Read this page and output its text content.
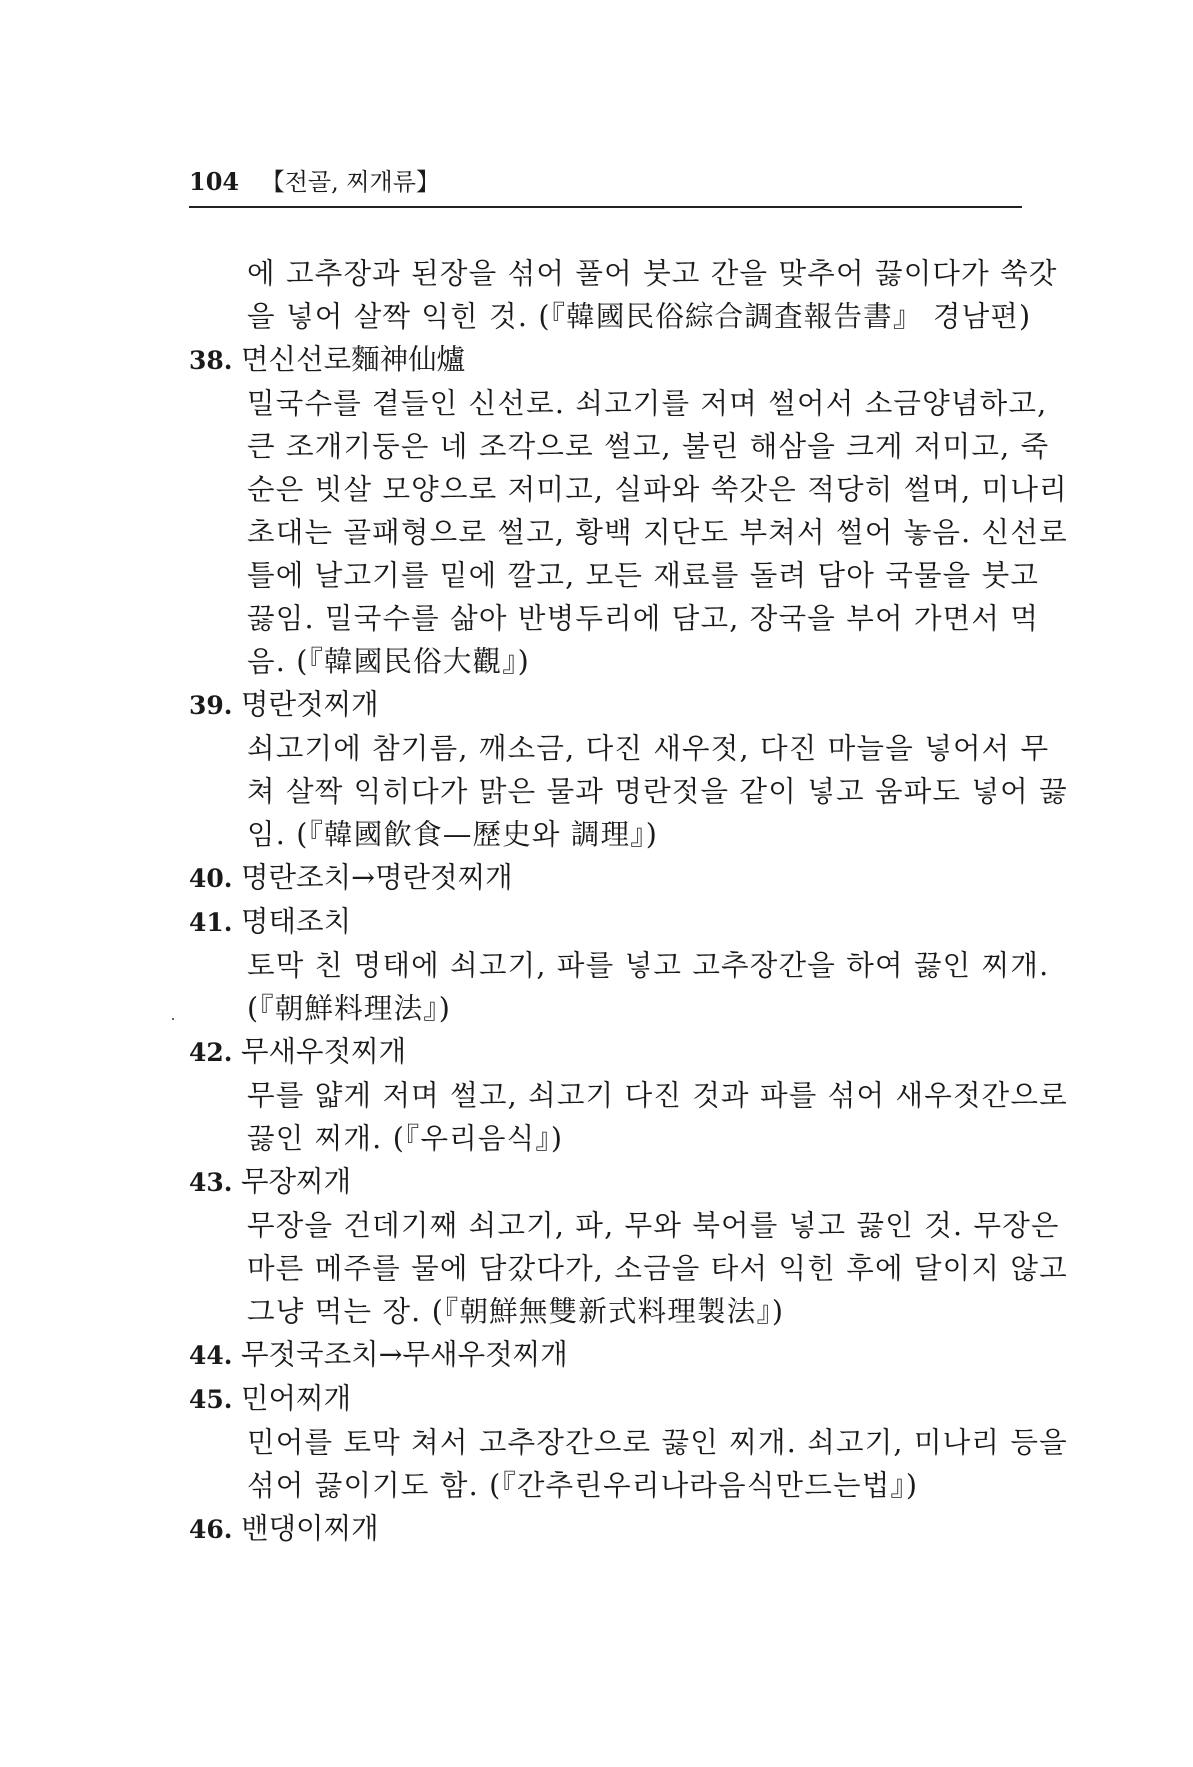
104 【전골, 찌개류】
에 고추장과 된장을 섞어 풀어 붓고 간을 맞추어 끓이다가 쑥갓
을 넣어 살짝 익힌 것. (『韓國民俗綜合調査報告書』 경남편)
38. 면신선로麵神仙爐
밀국수를 곁들인 신선로. 쇠고기를 저며 썰어서 소금양념하고,
큰 조개기둥은 네 조각으로 썰고, 불린 해삼을 크게 저미고, 죽
순은 빗살 모양으로 저미고, 실파와 쑥갓은 적당히 썰며, 미나리
초대는 골패형으로 썰고, 황백 지단도 부쳐서 썰어 놓음. 신선로
틀에 날고기를 밑에 깔고, 모든 재료를 돌려 담아 국물을 붓고
끓임. 밀국수를 삶아 반병두리에 담고, 장국을 부어 가면서 먹
음. (『韓國民俗大觀』)
39. 명란젓찌개
쇠고기에 참기름, 깨소금, 다진 새우젓, 다진 마늘을 넣어서 무
쳐 살짝 익히다가 맑은 물과 명란젓을 같이 넣고 움파도 넣어 끓
임. (『韓國飮食—歷史와 調理』)
40. 명란조치→명란젓찌개
41. 명태조치
토막 친 명태에 쇠고기, 파를 넣고 고추장간을 하여 끓인 찌개.
(『朝鮮料理法』)
42. 무새우젓찌개
무를 얇게 저며 썰고, 쇠고기 다진 것과 파를 섞어 새우젓간으로
끓인 찌개. (『우리음식』)
43. 무장찌개
무장을 건데기째 쇠고기, 파, 무와 북어를 넣고 끓인 것. 무장은
마른 메주를 물에 담갔다가, 소금을 타서 익힌 후에 달이지 않고
그냥 먹는 장. (『朝鮮無雙新式料理製法』)
44. 무젓국조치→무새우젓찌개
45. 민어찌개
민어를 토막 쳐서 고추장간으로 끓인 찌개. 쇠고기, 미나리 등을
섞어 끓이기도 함. (『간추린우리나라음식만드는법』)
46. 밴댕이찌개
